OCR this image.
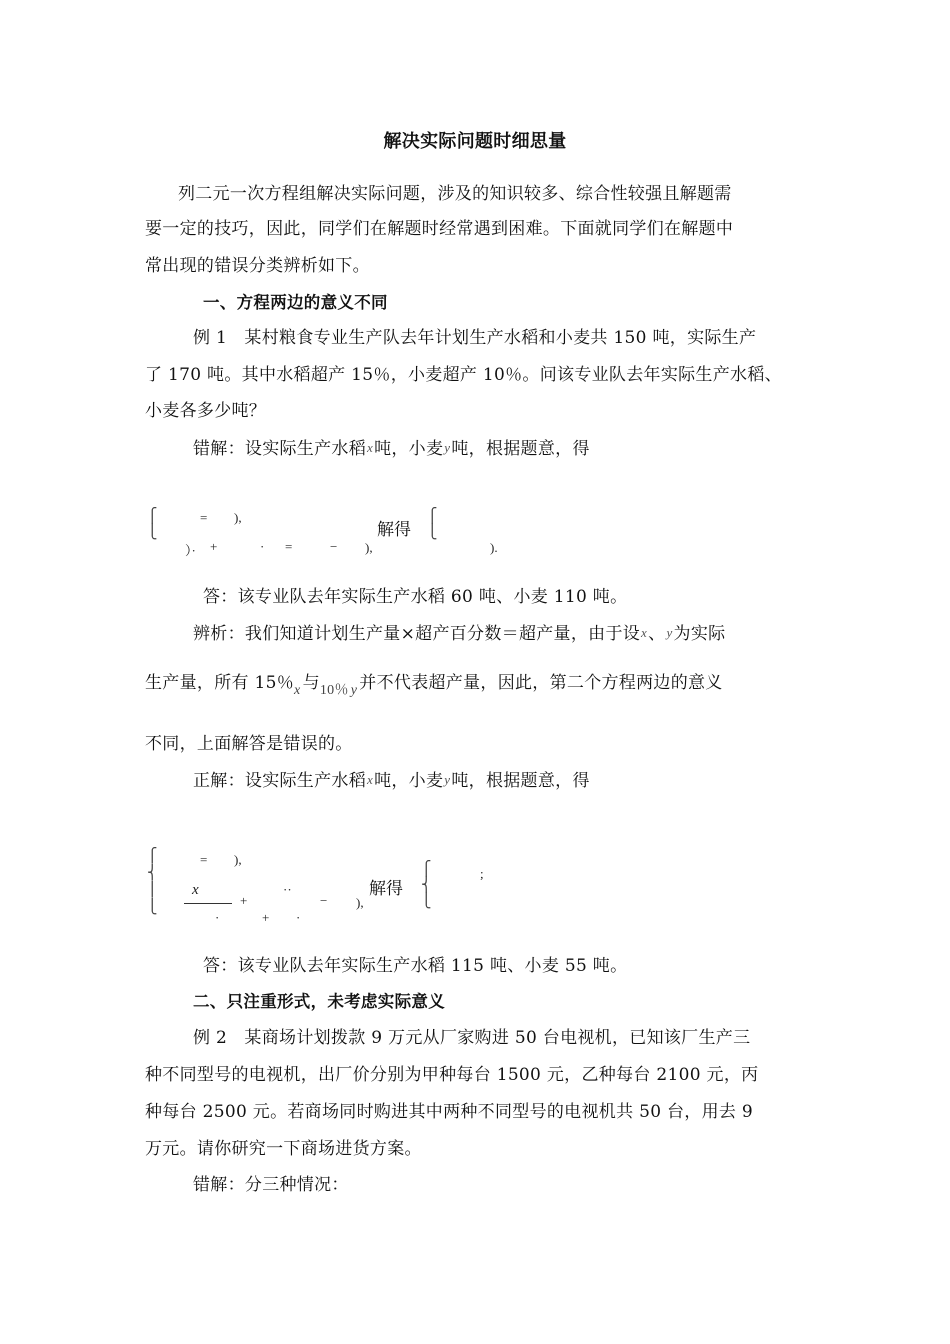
解决实际问题时细思量
列二元一次方程组解决实际问题，涉及的知识较多、综合性较强且解题需
要一定的技巧，因此，同学们在解题时经常遇到困难。下面就同学们在解题中
常出现的错误分类辨析如下。
一、方程两边的意义不同
例 1　某村粮食专业生产队去年计划生产水稻和小麦共 150 吨，实际生产
了 170 吨。其中水稻超产 15％，小麦超产 10％。问该专业队去年实际生产水稻、
小麦各多少吨？
错解：设实际生产水稻x吨，小麦y吨，根据题意，得
⎧
⎩
= ),
）· +	· =	− ),
解得
⎧
⎩
).
答：该专业队去年实际生产水稻 60 吨、小麦 110 吨。
辨析：我们知道计划生产量×超产百分数＝超产量，由于设x、y为实际
生产量，所有 15％$_x$ 与$_{10\%}$ $_y$ 并不代表超产量，因此，第二个方程两边的意义
不同，上面解答是错误的。
正解：设实际生产水稻x吨，小麦y吨，根据题意，得
⎧
⎨
⎪
⎩
= ),
x
+
··
− ),
·	+ ·
解得
⎧
⎨
⎩
;
答：该专业队去年实际生产水稻 115 吨、小麦 55 吨。
二、只注重形式，未考虑实际意义
例 2　某商场计划拨款 9 万元从厂家购进 50 台电视机，已知该厂生产三
种不同型号的电视机，出厂价分别为甲种每台 1500 元，乙种每台 2100 元，丙
种每台 2500 元。若商场同时购进其中两种不同型号的电视机共 50 台，用去 9
万元。请你研究一下商场进货方案。
错解：分三种情况：
